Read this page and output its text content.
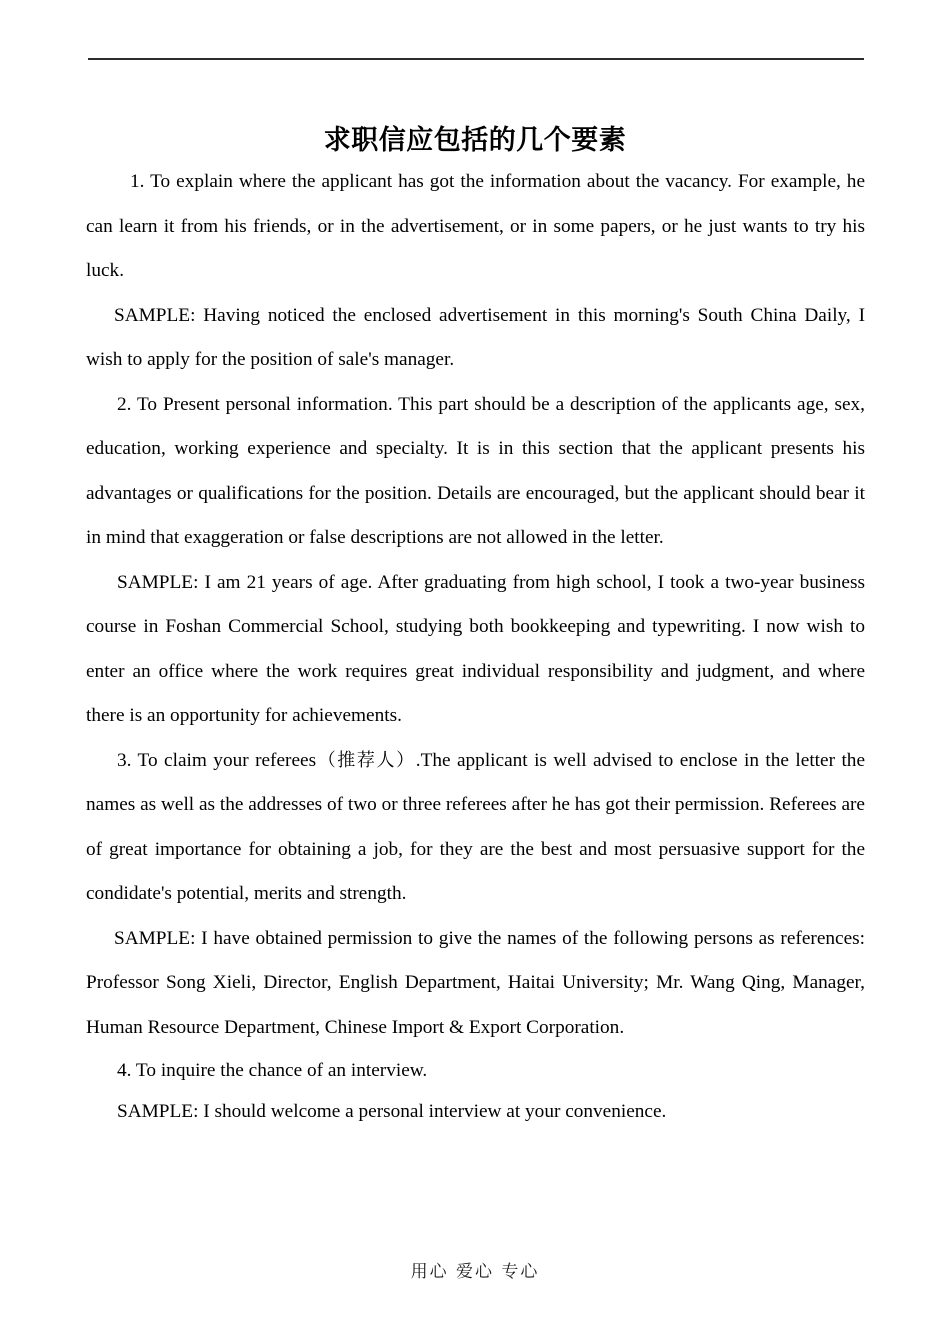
求职信应包括的几个要素

1. To explain where the applicant has got the information about the vacancy. For example, he can learn it from his friends, or in the advertisement, or in some papers, or he just wants to try his luck.

SAMPLE: Having noticed the enclosed advertisement in this morning's South China Daily, I wish to apply for the position of sale's manager.

2. To Present personal information. This part should be a description of the applicants age, sex, education, working experience and specialty. It is in this section that the applicant presents his advantages or qualifications for the position. Details are encouraged, but the applicant should bear it in mind that exaggeration or false descriptions are not allowed in the letter.

SAMPLE: I am 21 years of age. After graduating from high school, I took a two-year business course in Foshan Commercial School, studying both bookkeeping and typewriting. I now wish to enter an office where the work requires great individual responsibility and judgment, and where there is an opportunity for achievements.

3. To claim your referees（推荐人）.The applicant is well advised to enclose in the letter the names as well as the addresses of two or three referees after he has got their permission. Referees are of great importance for obtaining a job, for they are the best and most persuasive support for the condidate's potential, merits and strength.

SAMPLE: I have obtained permission to give the names of the following persons as references: Professor Song Xieli, Director, English Department, Haitai University; Mr. Wang Qing, Manager, Human Resource Department, Chinese Import & Export Corporation.

4. To inquire the chance of an interview.

SAMPLE: I should welcome a personal interview at your convenience.

用心 爱心 专心
